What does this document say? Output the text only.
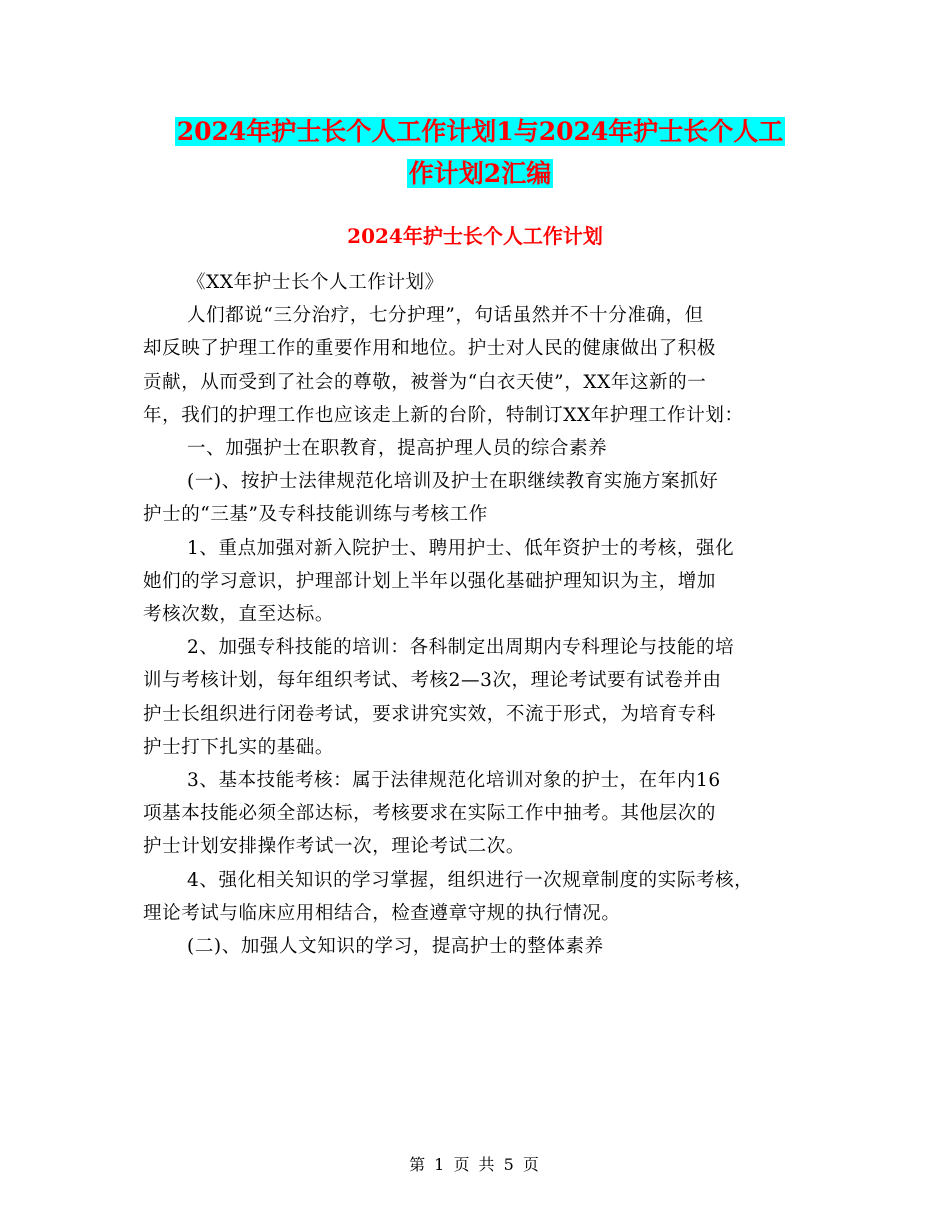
2024年护士长个人工作计划1与2024年护士长个人工
作计划2汇编
2024年护士长个人工作计划

《XX年护士长个人工作计划》

人们都说“三分治疗，七分护理”，句话虽然并不十分准确，但

却反映了护理工作的重要作用和地位。护士对人民的健康做出了积极

贡献，从而受到了社会的尊敬，被誉为“白衣天使”，XX年这新的一

年，我们的护理工作也应该走上新的台阶，特制订XX年护理工作计划：

一、加强护士在职教育，提高护理人员的综合素养

(一)、按护士法律规范化培训及护士在职继续教育实施方案抓好

护士的“三基”及专科技能训练与考核工作

1、重点加强对新入院护士、聘用护士、低年资护士的考核，强化

她们的学习意识，护理部计划上半年以强化基础护理知识为主，增加

考核次数，直至达标。

2、加强专科技能的培训：各科制定出周期内专科理论与技能的培

训与考核计划，每年组织考试、考核2—3次，理论考试要有试卷并由

护士长组织进行闭卷考试，要求讲究实效，不流于形式，为培育专科

护士打下扎实的基础。

3、基本技能考核：属于法律规范化培训对象的护士，在年内16

项基本技能必须全部达标，考核要求在实际工作中抽考。其他层次的

护士计划安排操作考试一次，理论考试二次。

4、强化相关知识的学习掌握，组织进行一次规章制度的实际考核，

理论考试与临床应用相结合，检查遵章守规的执行情况。

(二)、加强人文知识的学习，提高护士的整体素养

第 1 页 共 5 页
